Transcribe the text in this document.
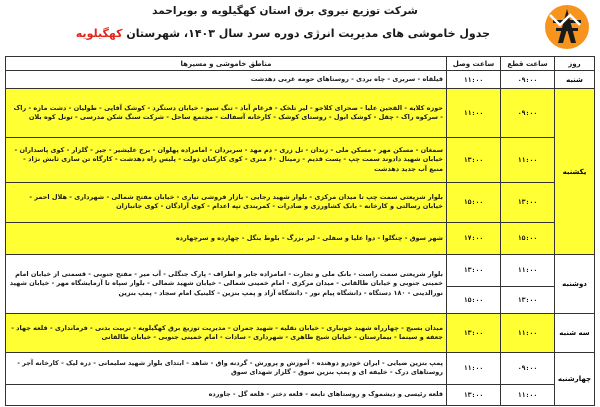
شرکت توزیع نیروی برق استان کهگیلویه و بویراحمد
جدول خاموشی های مدیریت انرژی دوره سرد سال ۱۴۰۳، شهرستان کهگیلویه
روز	ساعت قطع	ساعت وصل	مناطق خاموشی و مسیرها
شنبه	۰۹:۰۰	۱۱:۰۰	قیلقاه - سربری - چاه بردی - روستاهای حومه غربی دهدشت
یکشنبه	۰۹:۰۰	۱۱:۰۰	حوزه کلایه - القجین علیا - صحرای کلاجو - لیر تلخک - فرغام آباد - تنگ سیو - خیابان دستگرد - کوشک آقاپی - طولیان - دشت مازه - راک - سرکوه راک - چقل - کوشک ابول - روستای کوشک - کارخانه آسفالت - مجتمع ساحل - شرکت سنگ شکن مدرسی - تونل کوه بلان
	۱۱:۰۰	۱۳:۰۰	سمغان - مسکن مهر - مسکن ملی - زندان - تل زری - دم مهد - سربردان - امامزاده پهلوان - برج علیشیر - جیر - گلزار - کوی پاسداران - خیابان شهید دادوند سمت چپ - پست قدیم - زمینال ۶۰ متری - کوی کارکنان دولت - پلیس راه دهدشت - کارگاه تن سازی ثابش نژاد - منبع آب جدید دهدشت
	۱۳:۰۰	۱۵:۰۰	بلوار شریعتی سمت چپ تا میدان مرکزی - بلوار شهید رجایی - بازار فروشی تیاری - خیابان مفتح شمالی - شهرداری - هلال احمر - خیابان رسالتی و کارخانه - بانک کشاورزی و صادرات - کمربندی تپه اعدام - کوی آزادگان - کوی جانبازان
	۱۵:۰۰	۱۷:۰۰	شهر سوق - چنگلوا - دوا علیا و سفلی - لیر بزرگ - بلوط بنگل - چهارده و سرچهارده
دوشنبه	۱۱:۰۰	۱۳:۰۰	بلوار شریعتی سمت راست - بانک ملی و تجارت - امامزاده جابر و اطراف - پارک جنگلی - آب میر - مفتح جنوبی - قسمتی از خیابان امام خمینی جنوبی و خیابان طالقانی - میدان مرکزی - امام خمینی شمالی - خیابان شهید شمالی - بلوار سپاه تا آزمایشگاه مهر - خیابان شهید نورالدینی - ۱۸۰ دستگاه - دانشگاه پیام نور - دانشگاه آزاد و پمپ بنزین - کلینیک امام سجاد - پمپ بنزین
	۱۳:۰۰	۱۵:۰۰	
سه شنبه	۱۱:۰۰	۱۳:۰۰	میدان بسیج - چهارراه شهید خونیاری - خیابان نقلیه - شهید جمران - مدیریت توزیع برق کهگیلویه - تربیت بدنی - فرمانداری - قلعه جهاد - جعفه و سینما - بیمارستان - خیابان شیخ طاهری - شهرداری - سادات - امام خمینی جنوبی - خیابان طالقانی
چهارشنبه	۰۹:۰۰	۱۱:۰۰	پمپ بنزین ضیایی - ایران خودرو دوهنده - آموزش و پرورش - گردنه واق - شاهد - ابتدای بلوار شهید سلیمانی - دره لیک - کارخانه آجر - روستاهای درک - خلیفه ای و پمپ بنزین سوق - گلزار شهدای سوق
	۱۱:۰۰	۱۳:۰۰	قلعه رئیسی و دیشموک و روستاهای تابعه - قلعه دختر - قلعه گل - جاورده
